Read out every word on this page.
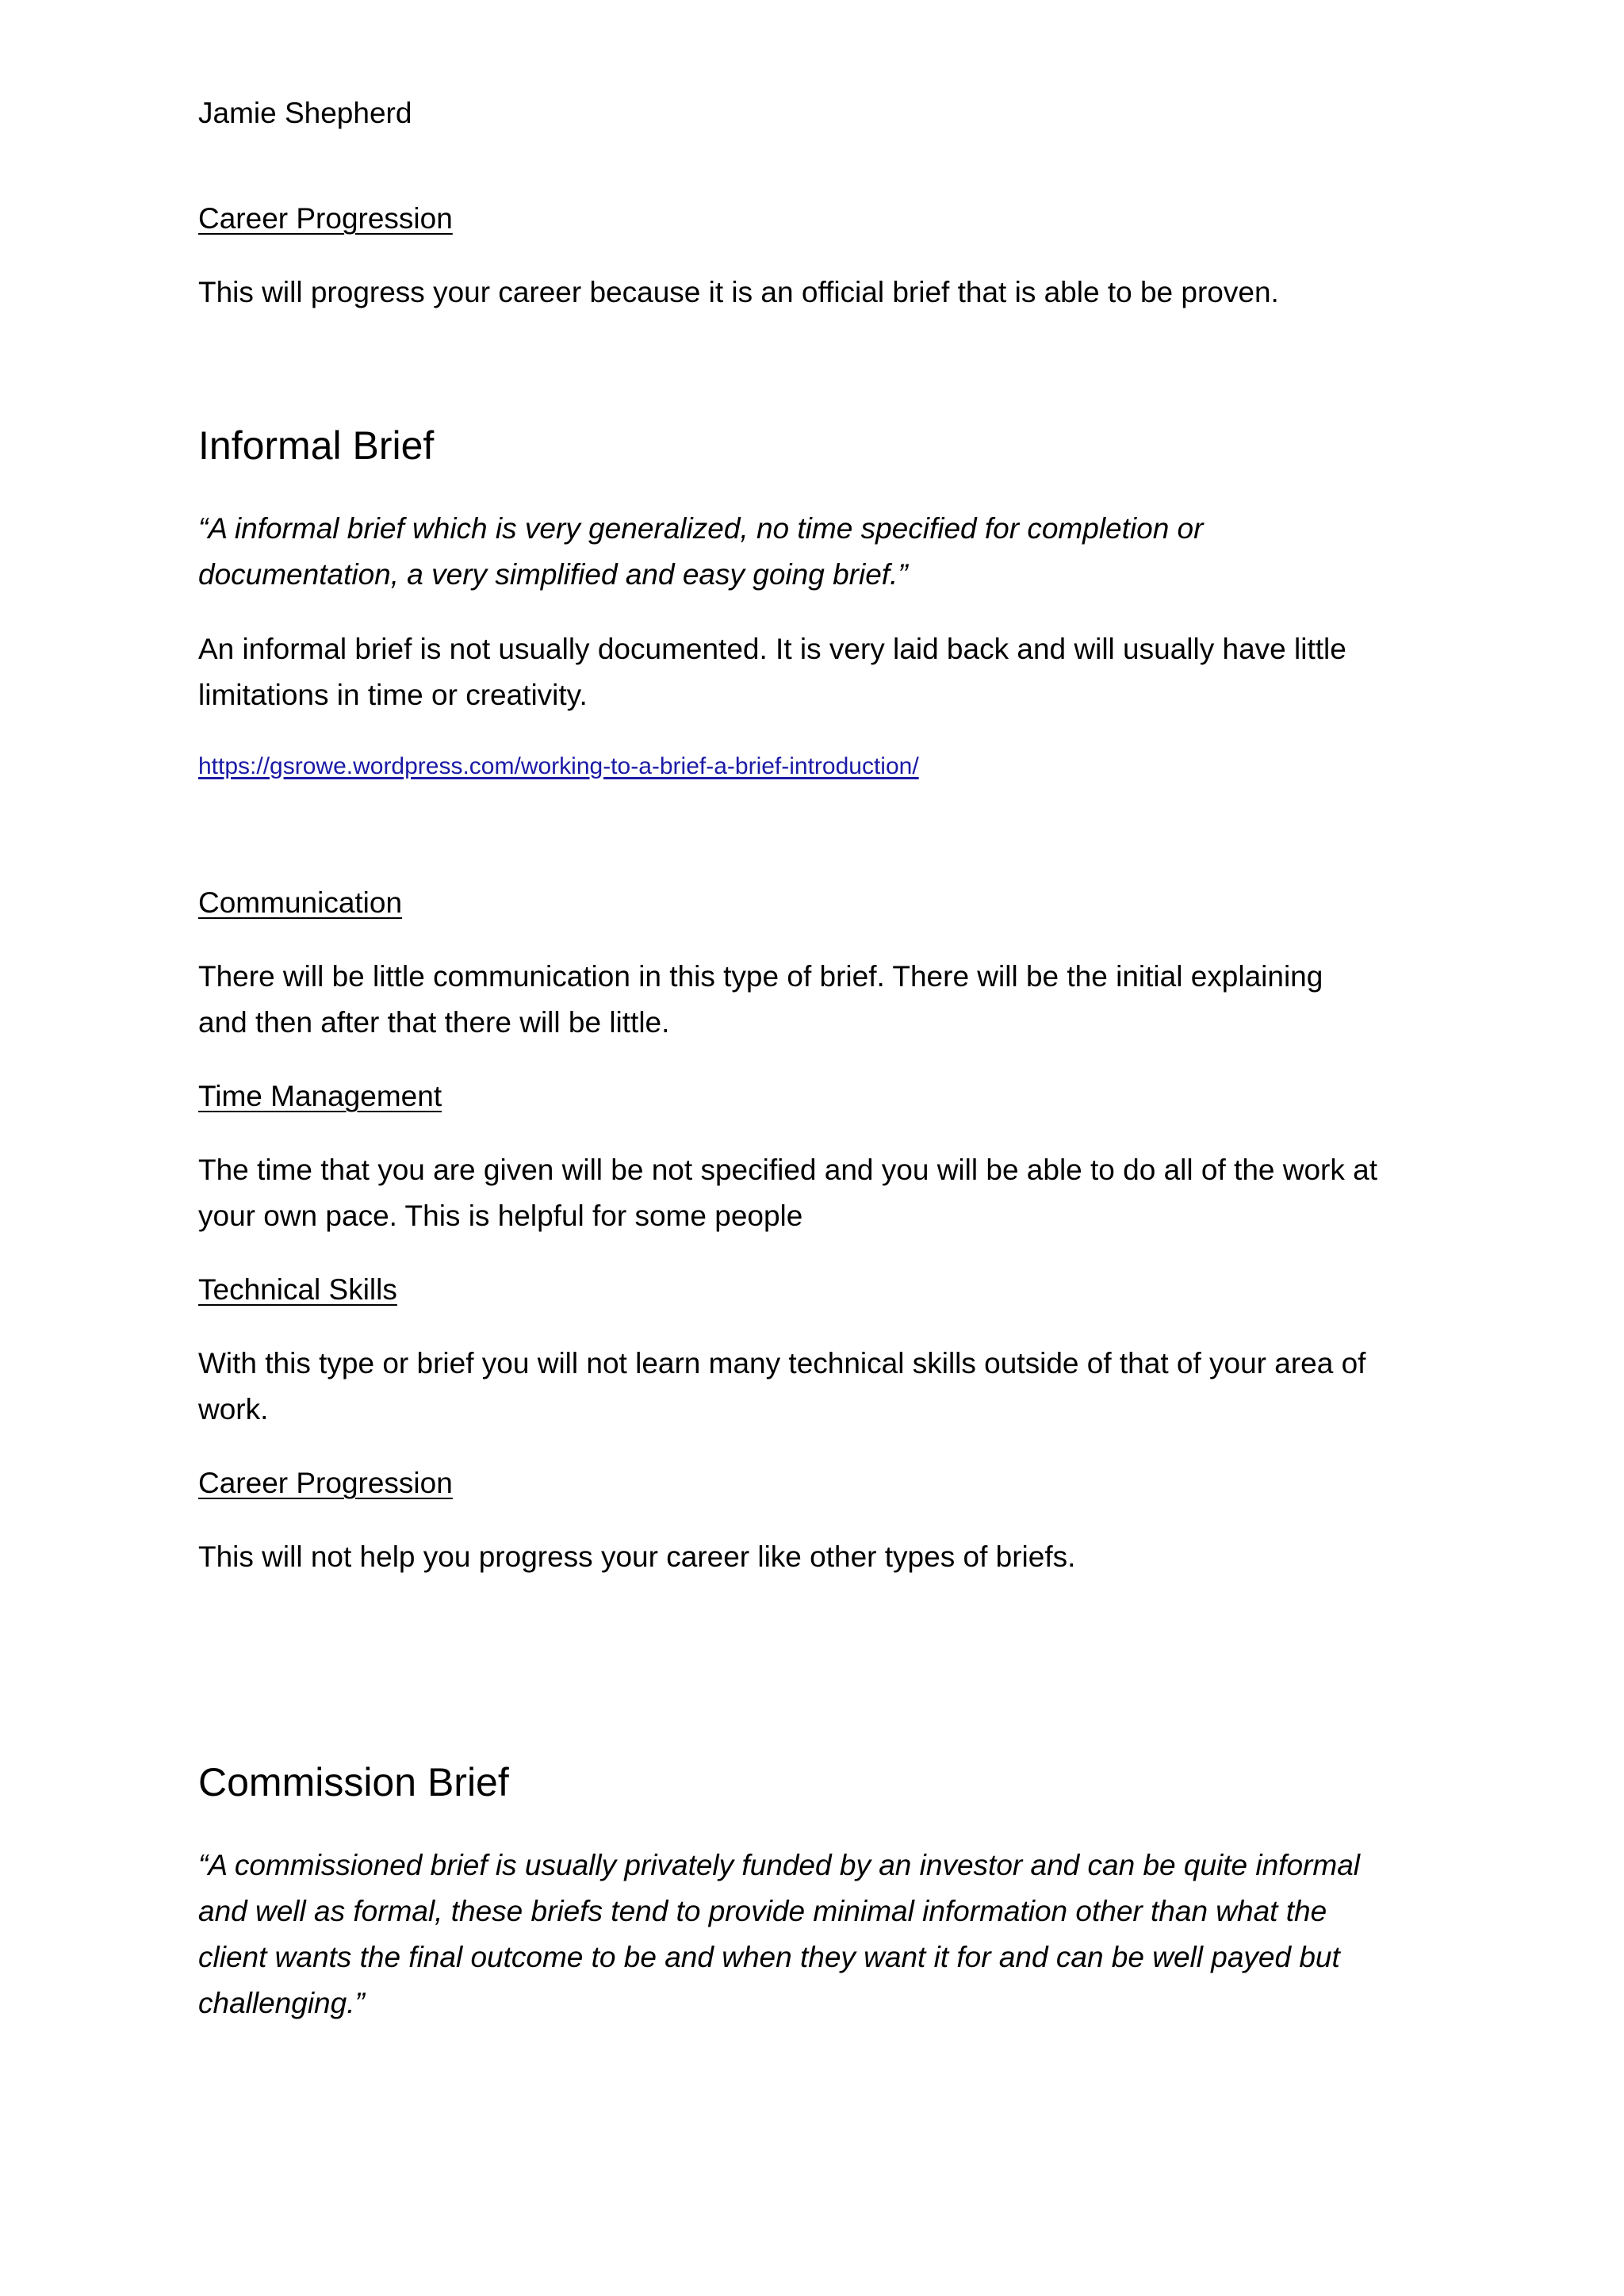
Jamie Shepherd

Career Progression

This will progress your career because it is an official brief that is able to be proven.

Informal Brief

“A informal brief which is very generalized, no time specified for completion or

documentation, a very simplified and easy going brief.”

An informal brief is not usually documented. It is very laid back and will usually have little

limitations in time or creativity.

https://gsrowe.wordpress.com/working-to-a-brief-a-brief-introduction/

Communication

There will be little communication in this type of brief. There will be the initial explaining

and then after that there will be little.

Time Management

The time that you are given will be not specified and you will be able to do all of the work at

your own pace. This is helpful for some people

Technical Skills

With this type or brief you will not learn many technical skills outside of that of your area of

work.

Career Progression

This will not help you progress your career like other types of briefs.

Commission Brief

“A commissioned brief is usually privately funded by an investor and can be quite informal

and well as formal, these briefs tend to provide minimal information other than what the

client wants the final outcome to be and when they want it for and can be well payed but

challenging.”
